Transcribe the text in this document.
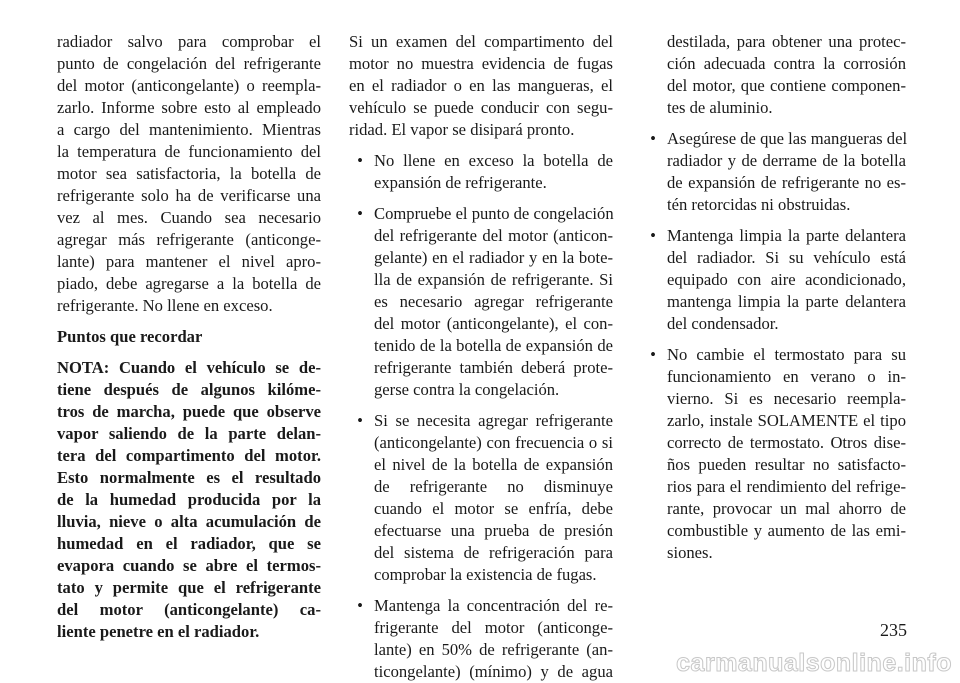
radiador salvo para comprobar el
punto de congelación del refrigerante
del motor (anticongelante) o reempla-
zarlo. Informe sobre esto al empleado
a cargo del mantenimiento. Mientras
la temperatura de funcionamiento del
motor sea satisfactoria, la botella de
refrigerante solo ha de verificarse una
vez al mes. Cuando sea necesario
agregar más refrigerante (anticonge-
lante) para mantener el nivel apro-
piado, debe agregarse a la botella de
refrigerante. No llene en exceso.
Puntos que recordar
NOTA: Cuando el vehículo se de-
tiene después de algunos kilóme-
tros de marcha, puede que observe
vapor saliendo de la parte delan-
tera del compartimento del motor.
Esto normalmente es el resultado
de la humedad producida por la
lluvia, nieve o alta acumulación de
humedad en el radiador, que se
evapora cuando se abre el termos-
tato y permite que el refrigerante
del motor (anticongelante) ca-
liente penetre en el radiador.
Si un examen del compartimento del
motor no muestra evidencia de fugas
en el radiador o en las mangueras, el
vehículo se puede conducir con segu-
ridad. El vapor se disipará pronto.
• No llene en exceso la botella de
expansión de refrigerante.
• Compruebe el punto de congelación
del refrigerante del motor (anticon-
gelante) en el radiador y en la bote-
lla de expansión de refrigerante. Si
es necesario agregar refrigerante
del motor (anticongelante), el con-
tenido de la botella de expansión de
refrigerante también deberá prote-
gerse contra la congelación.
• Si se necesita agregar refrigerante
(anticongelante) con frecuencia o si
el nivel de la botella de expansión
de refrigerante no disminuye
cuando el motor se enfría, debe
efectuarse una prueba de presión
del sistema de refrigeración para
comprobar la existencia de fugas.
• Mantenga la concentración del re-
frigerante del motor (anticonge-
lante) en 50% de refrigerante (an-
ticongelante) (mínimo) y de agua
destilada, para obtener una protec-
ción adecuada contra la corrosión
del motor, que contiene componen-
tes de aluminio.
• Asegúrese de que las mangueras del
radiador y de derrame de la botella
de expansión de refrigerante no es-
tén retorcidas ni obstruidas.
• Mantenga limpia la parte delantera
del radiador. Si su vehículo está
equipado con aire acondicionado,
mantenga limpia la parte delantera
del condensador.
• No cambie el termostato para su
funcionamiento en verano o in-
vierno. Si es necesario reempla-
zarlo, instale SOLAMENTE el tipo
correcto de termostato. Otros dise-
ños pueden resultar no satisfacto-
rios para el rendimiento del refrige-
rante, provocar un mal ahorro de
combustible y aumento de las emi-
siones.
235
carmanualsonline.info
